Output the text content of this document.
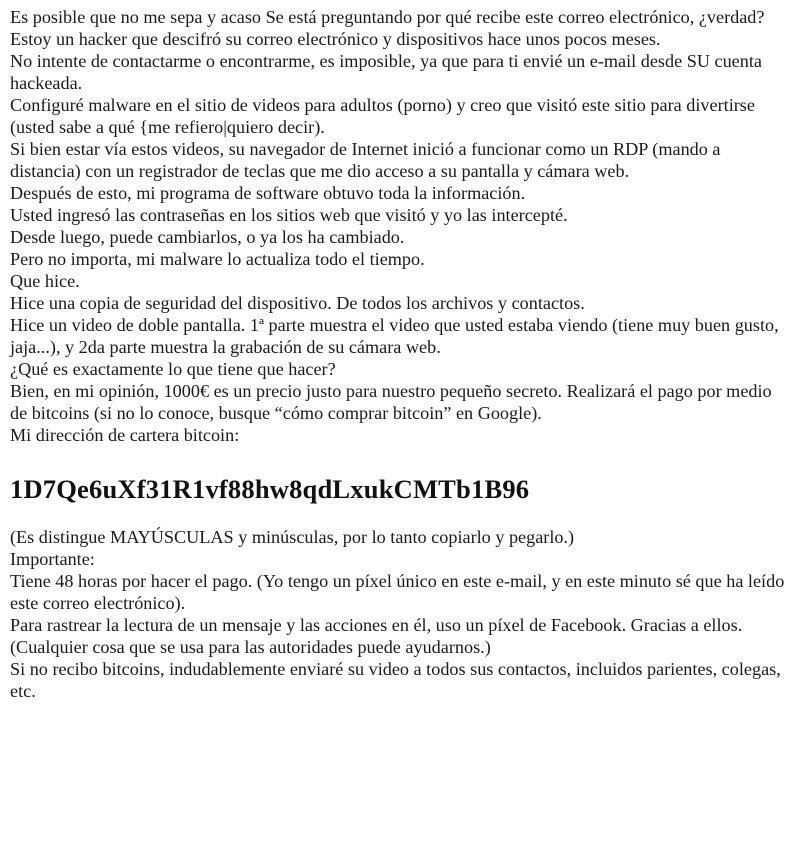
Es posible que no me sepa y acaso Se está preguntando por qué recibe este correo electrónico, ¿verdad?
Estoy un hacker que descifró su correo electrónico y dispositivos hace unos pocos meses.
No intente de contactarme o encontrarme, es imposible, ya que para ti envié un e-mail desde SU cuenta hackeada.
Configuré malware en el sitio de videos para adultos (porno) y creo que visitó este sitio para divertirse (usted sabe a qué {me refiero|quiero decir).
Si bien estar vía estos videos, su navegador de Internet inició a funcionar como un RDP (mando a distancia) con un registrador de teclas que me dio acceso a su pantalla y cámara web.
Después de esto, mi programa de software obtuvo toda la información.
Usted ingresó las contraseñas en los sitios web que visitó y yo las intercepté.
Desde luego, puede cambiarlos, o ya los ha cambiado.
Pero no importa, mi malware lo actualiza todo el tiempo.
Que hice.
Hice una copia de seguridad del dispositivo. De todos los archivos y contactos.
Hice un video de doble pantalla. 1ª parte muestra el video que usted estaba viendo (tiene muy buen gusto, jaja...), y 2da parte muestra la grabación de su cámara web.
¿Qué es exactamente lo que tiene que hacer?
Bien, en mi opinión, 1000€ es un precio justo para nuestro pequeño secreto. Realizará el pago por medio de bitcoins (si no lo conoce, busque “cómo comprar bitcoin” en Google).
Mi dirección de cartera bitcoin:
1D7Qe6uXf31R1vf88hw8qdLxukCMTb1B96
(Es distingue MAYÚSCULAS y minúsculas, por lo tanto copiarlo y pegarlo.)
Importante:
Tiene 48 horas por hacer el pago. (Yo tengo un píxel único en este e-mail, y en este minuto sé que ha leído este correo electrónico).
Para rastrear la lectura de un mensaje y las acciones en él, uso un píxel de Facebook. Gracias a ellos. (Cualquier cosa que se usa para las autoridades puede ayudarnos.)
Si no recibo bitcoins, indudablemente enviaré su video a todos sus contactos, incluidos parientes, colegas, etc.
